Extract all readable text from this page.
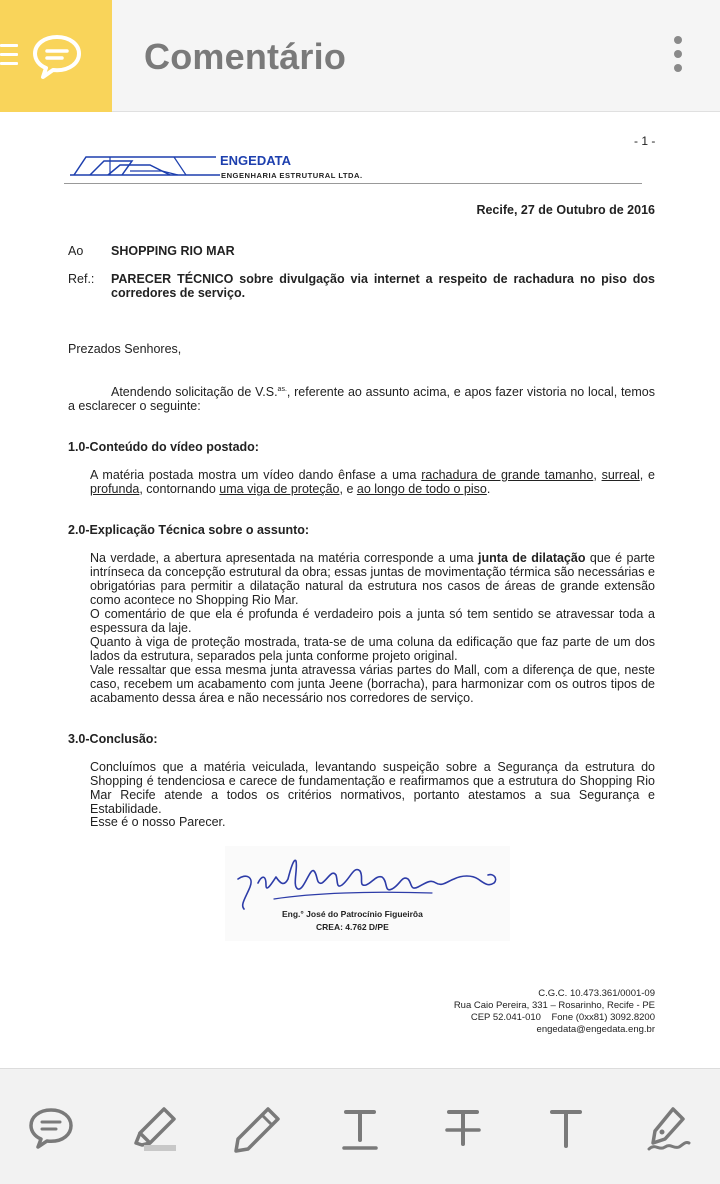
Comentário
- 1 -
ENGEDATA
ENGENHARIA ESTRUTURAL LTDA.
Recife, 27 de Outubro de 2016
Ao SHOPPING RIO MAR
Ref.: PARECER TÉCNICO sobre divulgação via internet a respeito de rachadura no piso dos corredores de serviço.
Prezados Senhores,
Atendendo solicitação de V.S.$^{as.}$, referente ao assunto acima, e apos fazer vistoria no local, temos a esclarecer o seguinte:
1.0-Conteúdo do vídeo postado:
A matéria postada mostra um vídeo dando ênfase a uma rachadura de grande tamanho, surreal, e profunda, contornando uma viga de proteção, e ao longo de todo o piso.
2.0-Explicação Técnica sobre o assunto:
Na verdade, a abertura apresentada na matéria corresponde a uma junta de dilatação que é parte intrínseca da concepção estrutural da obra; essas juntas de movimentação térmica são necessárias e obrigatórias para permitir a dilatação natural da estrutura nos casos de áreas de grande extensão como acontece no Shopping Rio Mar.
O comentário de que ela é profunda é verdadeiro pois a junta só tem sentido se atravessar toda a espessura da laje.
Quanto à viga de proteção mostrada, trata-se de uma coluna da edificação que faz parte de um dos lados da estrutura, separados pela junta conforme projeto original.
Vale ressaltar que essa mesma junta atravessa várias partes do Mall, com a diferença de que, neste caso, recebem um acabamento com junta Jeene (borracha), para harmonizar com os outros tipos de acabamento dessa área e não necessário nos corredores de serviço.
3.0-Conclusão:
Concluímos que a matéria veiculada, levantando suspeição sobre a Segurança da estrutura do Shopping é tendenciosa e carece de fundamentação e reafirmamos que a estrutura do Shopping Rio Mar Recife atende a todos os critérios normativos, portanto atestamos a sua Segurança e Estabilidade.
Esse é o nosso Parecer.
Eng.° José do Patrocínio Figueirôa
CREA: 4.762 D/PE
C.G.C. 10.473.361/0001-09
Rua Caio Pereira, 331 – Rosarinho, Recife - PE
CEP 52.041-010    Fone (0xx81) 3092.8200
engedata@engedata.eng.br
